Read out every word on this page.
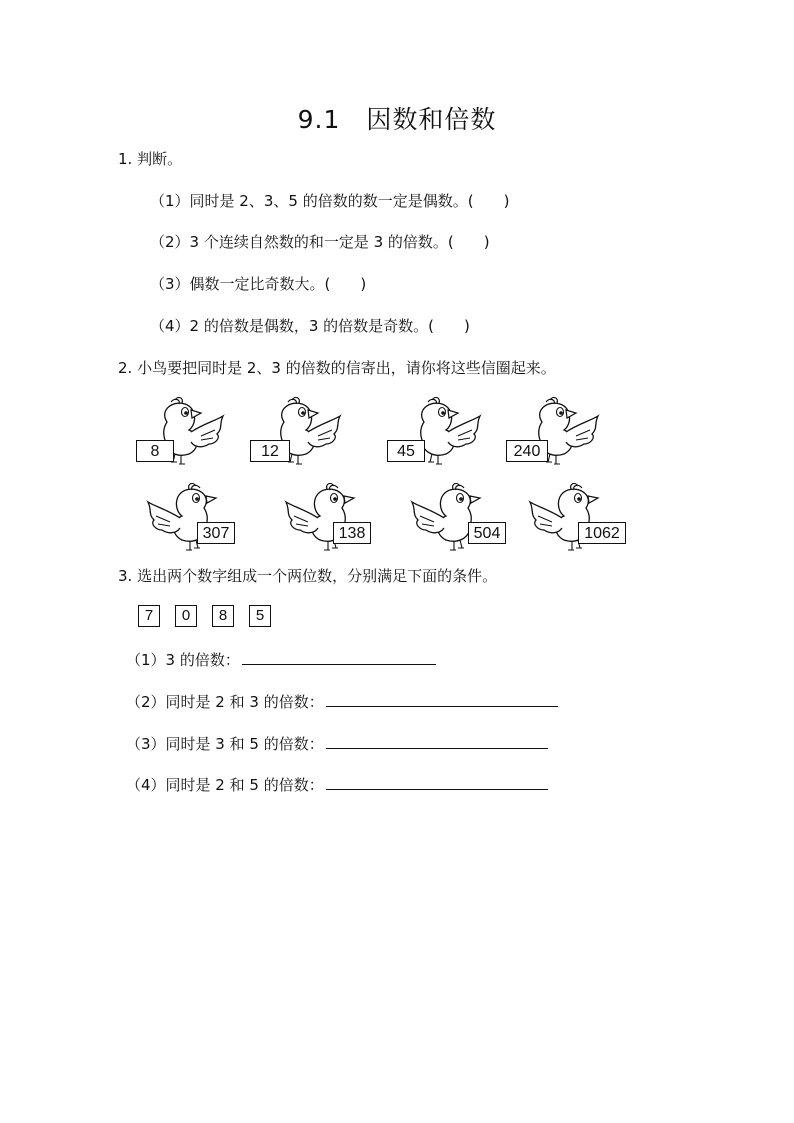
9.1 因数和倍数
1. 判断。
（1）同时是 2、3、5 的倍数的数一定是偶数。(　　)
（2）3 个连续自然数的和一定是 3 的倍数。(　　)
（3）偶数一定比奇数大。(　　)
（4）2 的倍数是偶数，3 的倍数是奇数。(　　)
2. 小鸟要把同时是 2、3 的倍数的信寄出，请你将这些信圈起来。
8	12	45	240
307	138	504	1062
3. 选出两个数字组成一个两位数，分别满足下面的条件。
7	0	8	5
（1）3 的倍数：
（2）同时是 2 和 3 的倍数：
（3）同时是 3 和 5 的倍数：
（4）同时是 2 和 5 的倍数：
